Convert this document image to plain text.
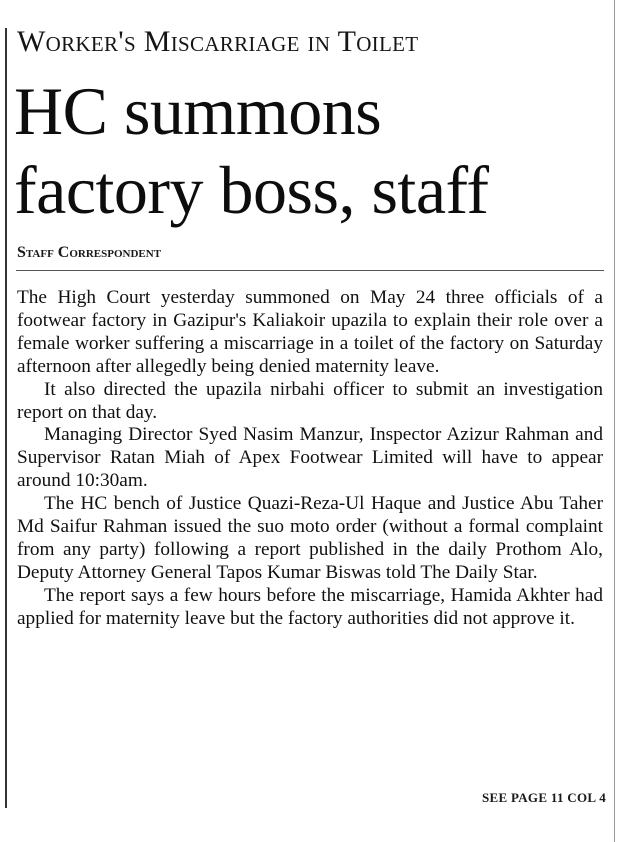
Worker's Miscarriage in Toilet
HC summons
factory boss, staff
Staff Correspondent

The High Court yesterday summoned on May 24 three officials of a footwear factory in Gazipur's Kaliakoir upazila to explain their role over a female worker suffering a miscarriage in a toilet of the factory on Saturday afternoon after allegedly being denied maternity leave.

It also directed the upazila nirbahi officer to submit an investigation report on that day.

Managing Director Syed Nasim Manzur, Inspector Azizur Rahman and Supervisor Ratan Miah of Apex Footwear Limited will have to appear around 10:30am.

The HC bench of Justice Quazi-Reza-Ul Haque and Justice Abu Taher Md Saifur Rahman issued the suo moto order (without a formal complaint from any party) following a report published in the daily Prothom Alo, Deputy Attorney General Tapos Kumar Biswas told The Daily Star.

The report says a few hours before the miscarriage, Hamida Akhter had applied for maternity leave but the factory authorities did not approve it.

SEE PAGE 11 COL 4
